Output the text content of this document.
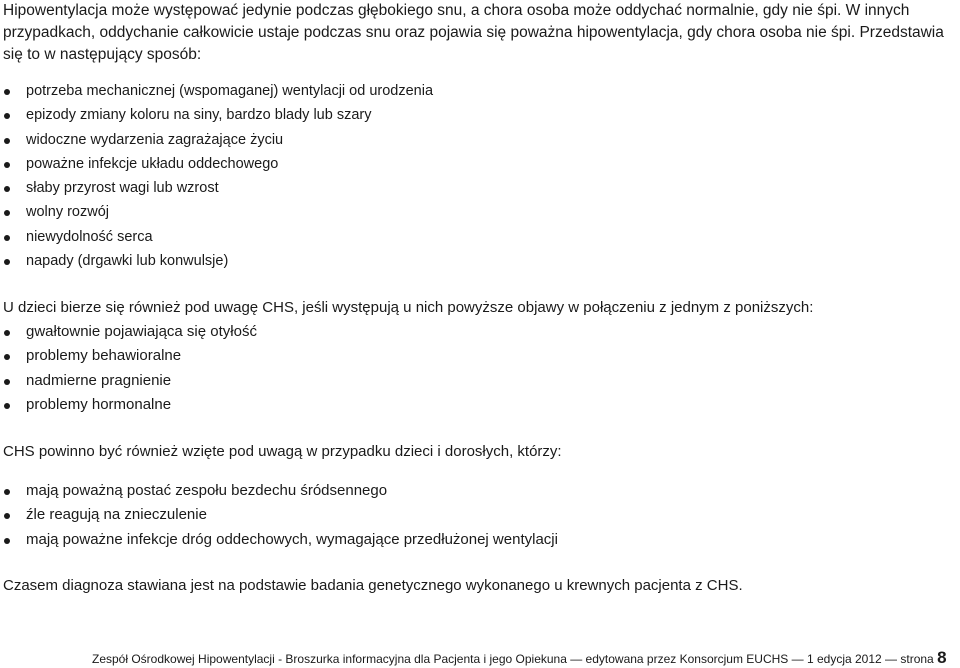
Hipowentylacja może występować jedynie podczas głębokiego snu, a chora osoba może oddychać normalnie, gdy nie śpi. W innych przypadkach, oddychanie całkowicie ustaje podczas snu oraz pojawia się poważna hipowentylacja, gdy chora osoba nie śpi. Przedstawia się to w następujący sposób:

potrzeba mechanicznej (wspomaganej) wentylacji od urodzenia
epizody zmiany koloru na siny, bardzo blady lub szary
widoczne wydarzenia zagrażające życiu
poważne infekcje układu oddechowego
słaby przyrost wagi lub wzrost
wolny rozwój
niewydolność serca
napady (drgawki lub konwulsje)

U dzieci bierze się również pod uwagę CHS, jeśli występują u nich powyższe objawy w połączeniu z jednym z poniższych:

gwałtownie pojawiająca się otyłość
problemy behawioralne
nadmierne pragnienie
problemy hormonalne

CHS powinno być również wzięte pod uwagą w przypadku dzieci i dorosłych, którzy:

mają poważną postać zespołu bezdechu śródsennego
źle reagują na znieczulenie
mają poważne infekcje dróg oddechowych, wymagające przedłużonej wentylacji

Czasem diagnoza stawiana jest na podstawie badania genetycznego wykonanego u krewnych pacjenta z CHS.

Zespół Ośrodkowej Hipowentylacji - Broszurka informacyjna dla Pacjenta i jego Opiekuna — edytowana przez Konsorcjum EUCHS — 1 edycja 2012 — strona 8
